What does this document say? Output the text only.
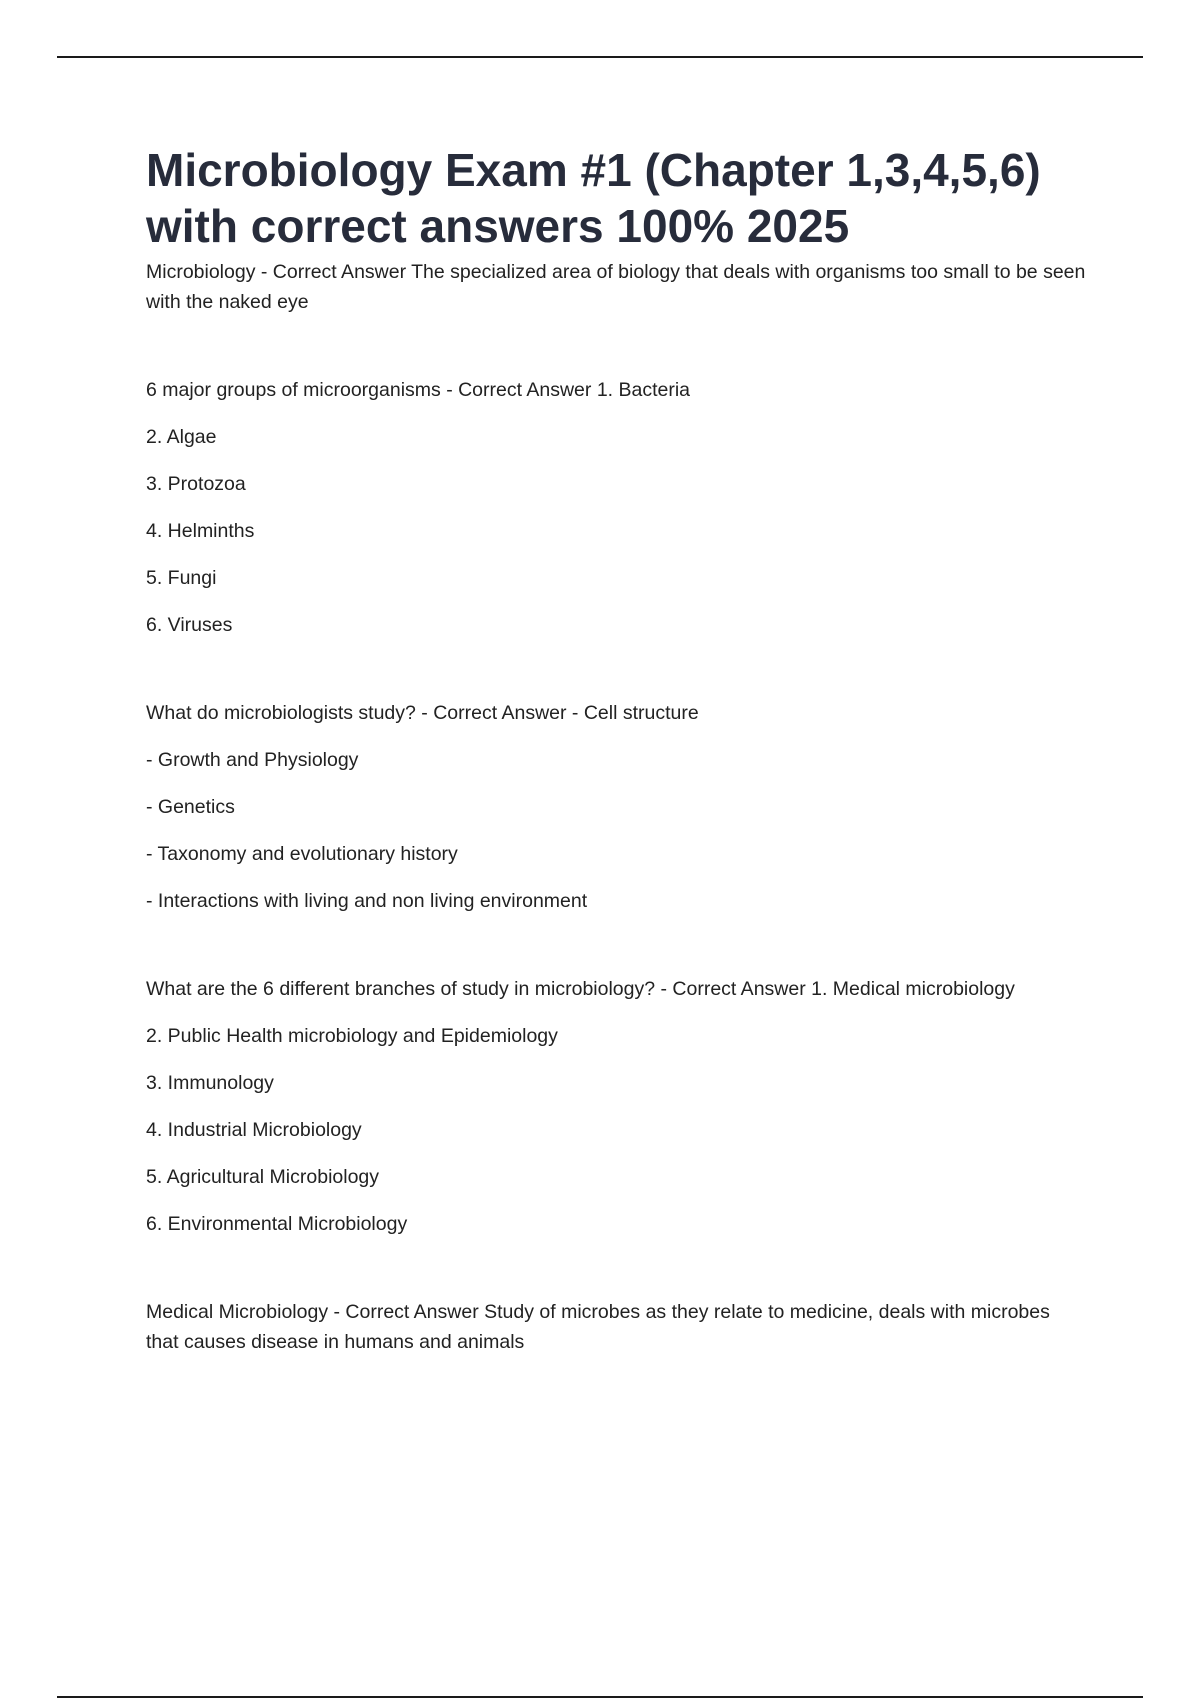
Microbiology Exam #1 (Chapter 1,3,4,5,6) with correct answers 100% 2025

Microbiology - Correct Answer The specialized area of biology that deals with organisms too small to be seen with the naked eye

6 major groups of microorganisms - Correct Answer 1. Bacteria

2. Algae

3. Protozoa

4. Helminths

5. Fungi

6. Viruses

What do microbiologists study? - Correct Answer - Cell structure

- Growth and Physiology

- Genetics

- Taxonomy and evolutionary history

- Interactions with living and non living environment

What are the 6 different branches of study in microbiology? - Correct Answer 1. Medical microbiology

2. Public Health microbiology and Epidemiology

3. Immunology

4. Industrial Microbiology

5. Agricultural Microbiology

6. Environmental Microbiology

Medical Microbiology - Correct Answer Study of microbes as they relate to medicine, deals with microbes that causes disease in humans and animals
